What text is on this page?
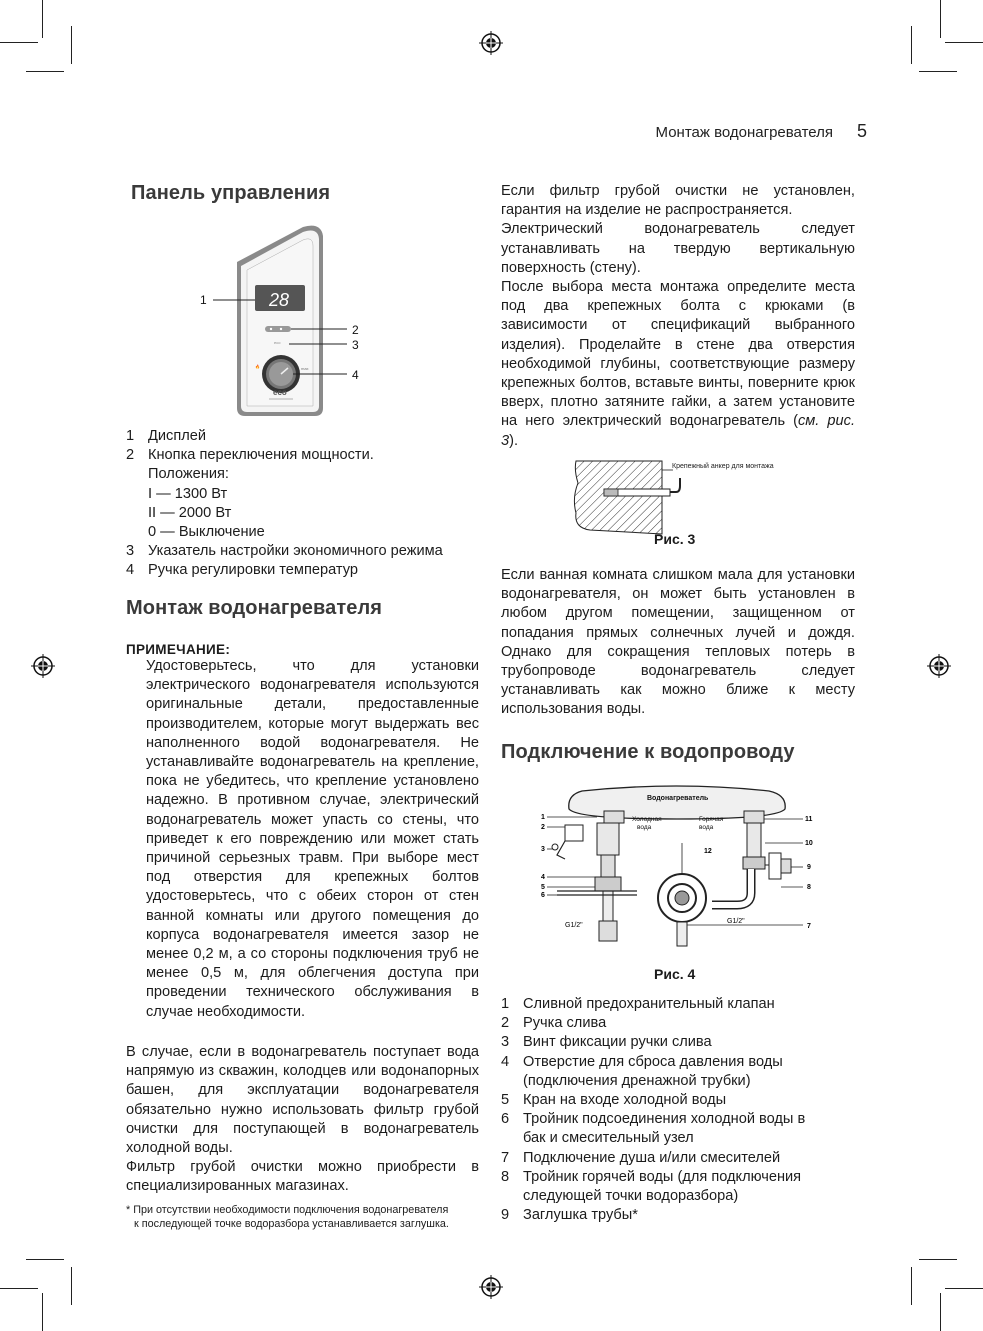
Монтаж водонагревателя 5
Панель управления
28
eco
🔥	max
eco
1
2
3
4
1 Дисплей
2 Кнопка переключения мощности.
Положения:
I — 1300 Вт
II — 2000 Вт
0 — Выключение
3 Указатель настройки экономичного режима
4 Ручка регулировки температур
Монтаж водонагревателя
ПРИМЕЧАНИЕ:

Удостоверьтесь, что для установки электрического водонагревателя используются оригинальные детали, предоставленные производителем, которые могут выдержать вес наполненного водой водонагревателя. Не устанавливайте водонагреватель на крепление, пока не убедитесь, что крепление установлено надежно. В противном случае, электрический водонагреватель может упасть со стены, что приведет к его повреждению или может стать причиной серьезных травм. При выборе мест под отверстия для крепежных болтов удостоверьтесь, что с обеих сторон от стен ванной комнаты или другого помещения до корпуса водонагревателя имеется зазор не менее 0,2 м, а со стороны подключения труб не менее 0,5 м, для облегчения доступа при проведении технического обслуживания в случае необходимости.

В случае, если в водонагреватель поступает вода напрямую из скважин, колодцев или водонапорных башен, для эксплуатации водонагревателя обязательно нужно использовать фильтр грубой очистки для поступающей в водонагреватель холодной воды.

Фильтр грубой очистки можно приобрести в специализированных магазинах.

* При отсутствии необходимости подключения водонагревателя
к последующей точке водоразбора устанавливается заглушка.

Если фильтр грубой очистки не установлен, гарантия на изделие не распространяется.

Электрический водонагреватель следует устанавливать на твердую вертикальную поверхность (стену).

После выбора места монтажа определите места под два крепежных болта с крюками (в зависимости от спецификаций выбранного изделия). Проделайте в стене два отверстия необходимой глубины, соответствующие размеру крепежных болтов, вставьте винты, поверните крюк вверх, плотно затяните гайки, а затем установите на него электрический водонагреватель (см. рис. 3).

Крепежный анкер для монтажа
Рис. 3

Если ванная комната слишком мала для установки водонагревателя, он может быть установлен в любом другом помещении, защищенном от попадания прямых солнечных лучей и дождя. Однако для сокращения тепловых потерь в трубопроводе водонагреватель следует устанавливать как можно ближе к месту использования воды.

Подключение к водопроводу
Водонагреватель
Холодная
вода
Горячая
вода
1
2
3
4
5
6
11
10
9
8
7
12
G1/2"
G1/2"
Рис. 4
1 Сливной предохранительный клапан
2 Ручка слива
3 Винт фиксации ручки слива
4 Отверстие для сброса давления воды
(подключения дренажной трубки)
5 Кран на входе холодной воды
6 Тройник подсоединения холодной воды в
бак и смесительный узел
7 Подключение душа и/или смесителей
8 Тройник горячей воды (для подключения
следующей точки водоразбора)
9 Заглушка трубы*
